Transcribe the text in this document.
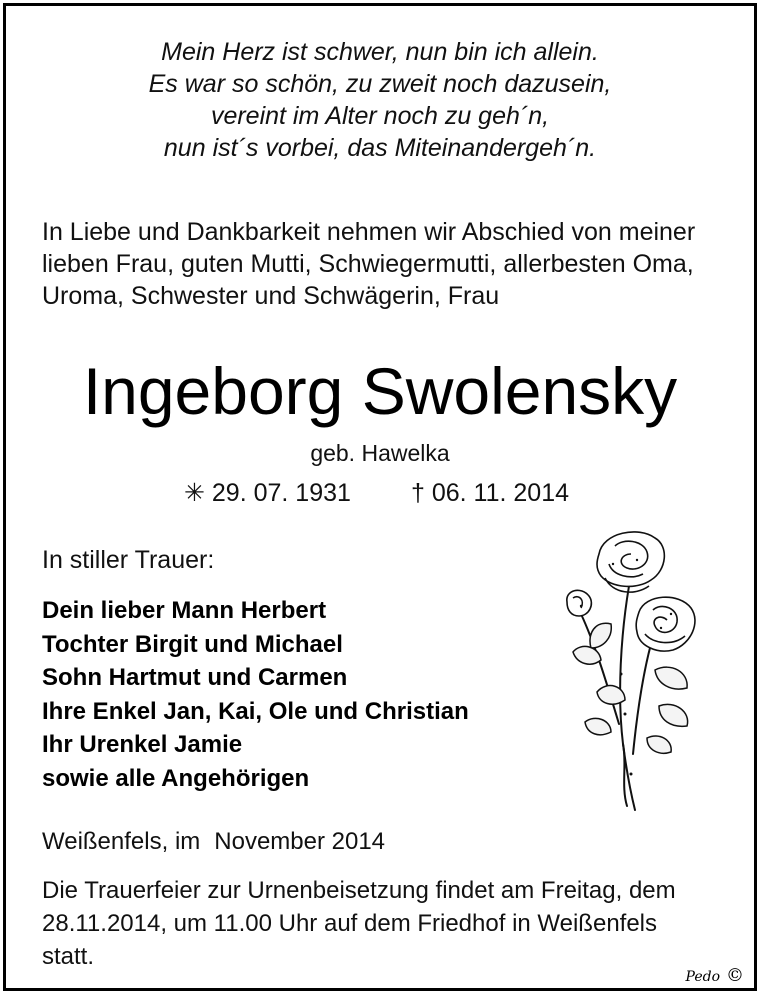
Mein Herz ist schwer, nun bin ich allein.
Es war so schön, zu zweit noch dazusein,
vereint im Alter noch zu geh´n,
nun ist´s vorbei, das Miteinandergeh´n.
In Liebe und Dankbarkeit nehmen wir Abschied von meiner
lieben Frau, guten Mutti, Schwiegermutti, allerbesten Oma,
Uroma, Schwester und Schwägerin, Frau
Ingeborg Swolensky
geb. Hawelka
✳ 29. 07. 1931 † 06. 11. 2014
In stiller Trauer:
Dein lieber Mann Herbert
Tochter Birgit und Michael
Sohn Hartmut und Carmen
Ihre Enkel Jan, Kai, Ole und Christian
Ihr Urenkel Jamie
sowie alle Angehörigen
Weißenfels, im November 2014
Die Trauerfeier zur Urnenbeisetzung findet am Freitag, dem
28.11.2014, um 11.00 Uhr auf dem Friedhof in Weißenfels
statt.
Pedo ©
